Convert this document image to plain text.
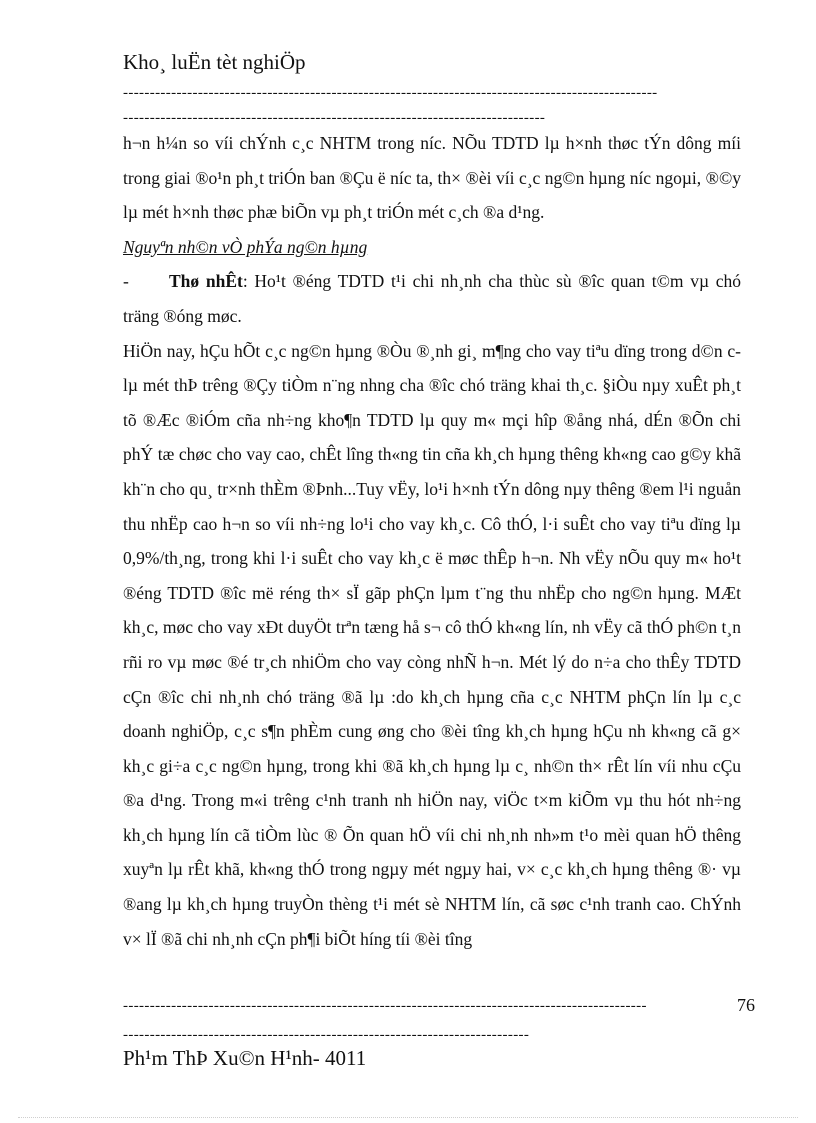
Kho¸ luËn tèt nghiÖp
----------------------------------------------------------------------------------------------------
-------------------------------------------------------------------------------

h¬n h¼n so víi chÝnh c¸c NHTM trong níc. NÕu TDTD lµ h×nh thøc tÝn dông míi trong giai ®o¹n ph¸t triÓn ban ®Çu ë níc ta, th× ®èi víi c¸c ng©n hµng níc ngoµi, ®©y lµ mét h×nh thøc phæ biÕn vµ ph¸t triÓn mét c¸ch ®a d¹ng.

Nguyªn nh©n vÒ phÝa ng©n hµng

- Thø nhÊt: Ho¹t ®éng TDTD t¹i chi nh¸nh cha thùc sù ®îc quan t©m vµ chó träng ®óng møc.

HiÖn nay, hÇu hÕt c¸c ng©n hµng ®Òu ®¸nh gi¸ m¶ng cho vay tiªu dïng trong d©n c lµ mét thÞ trêng ®Çy tiÒm n¨ng nhng cha ®îc chó träng khai th¸c. §iÒu nµy xuÊt ph¸t tõ ®Æc ®iÓm cña nh÷ng kho¶n TDTD lµ quy m« mçi hîp ®ång nhá, dÉn ®Õn chi phÝ tæ chøc cho vay cao, chÊt lîng th«ng tin cña kh¸ch hµng thêng kh«ng cao g©y khã kh¨n cho qu¸ tr×nh thÈm ®Þnh...Tuy vËy, lo¹i h×nh tÝn dông nµy thêng ®em l¹i nguån thu nhËp cao h¬n so víi nh÷ng lo¹i cho vay kh¸c. Cô thÓ, l·i suÊt cho vay tiªu dïng lµ 0,9%/th¸ng, trong khi l·i suÊt cho vay kh¸c ë møc thÊp h¬n. Nh vËy nÕu quy m« ho¹t ®éng TDTD ®îc më réng th× sÏ gãp phÇn lµm t¨ng thu nhËp cho ng©n hµng. MÆt kh¸c, møc cho vay xÐt duyÖt trªn tæng hå s¬ cô thÓ kh«ng lín, nh vËy cã thÓ ph©n t¸n rñi ro vµ møc ®é tr¸ch nhiÖm cho vay còng nhÑ h¬n. Mét lý do n÷a cho thÊy TDTD cÇn ®îc chi nh¸nh chó träng ®ã lµ :do kh¸ch hµng cña c¸c NHTM phÇn lín lµ c¸c doanh nghiÖp, c¸c s¶n phÈm cung øng cho ®èi tîng kh¸ch hµng hÇu nh kh«ng cã g× kh¸c gi÷a c¸c ng©n hµng, trong khi ®ã kh¸ch hµng lµ c¸ nh©n th× rÊt lín víi nhu cÇu ®a d¹ng. Trong m«i trêng c¹nh tranh nh hiÖn nay, viÖc t×m kiÕm vµ thu hót nh÷ng kh¸ch hµng lín cã tiÒm lùc ® Õn quan hÖ víi chi nh¸nh nh»m t¹o mèi quan hÖ thêng xuyªn lµ rÊt khã, kh«ng thÓ trong ngµy mét ngµy hai, v× c¸c kh¸ch hµng thêng ®· vµ ®ang lµ kh¸ch hµng truyÒn thèng t¹i mét sè NHTM lín, cã søc c¹nh tranh cao. ChÝnh v× lÏ ®ã chi nh¸nh cÇn ph¶i biÕt híng tíi ®èi tîng

--------------------------------------------------------------------------------------------------	76
----------------------------------------------------------------------------
Ph¹m ThÞ Xu©n H¹nh- 4011
